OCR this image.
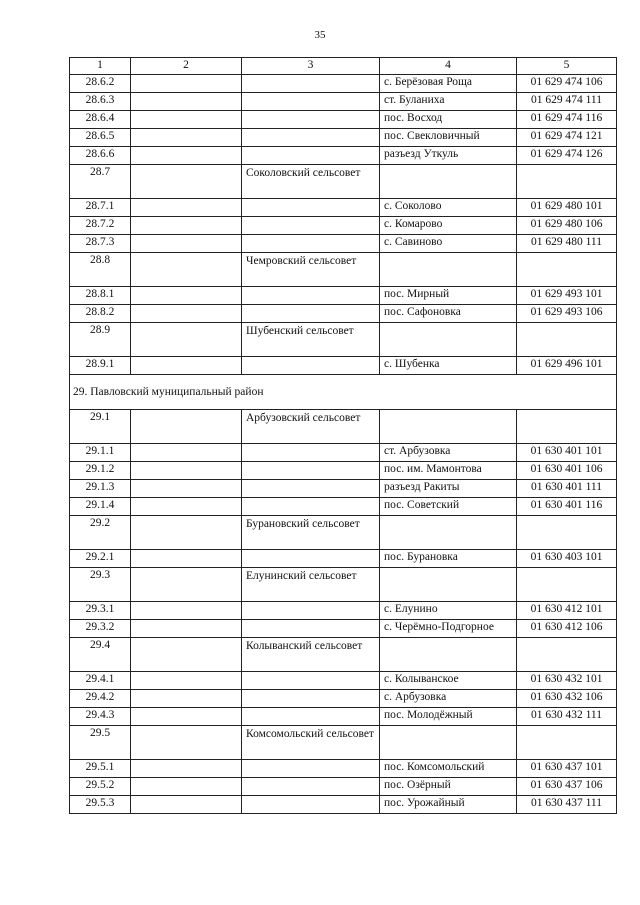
35
1	2	3	4	5
28.6.2			с. Берёзовая Роща	01 629 474 106
28.6.3			ст. Буланиха	01 629 474 111
28.6.4			пос. Восход	01 629 474 116
28.6.5			пос. Свекловичный	01 629 474 121
28.6.6			разъезд Уткуль	01 629 474 126
28.7		Соколовский сельсовет		
28.7.1			с. Соколово	01 629 480 101
28.7.2			с. Комарово	01 629 480 106
28.7.3			с. Савиново	01 629 480 111
28.8		Чемровский сельсовет		
28.8.1			пос. Мирный	01 629 493 101
28.8.2			пос. Сафоновка	01 629 493 106
28.9		Шубенский сельсовет		
28.9.1			с. Шубенка	01 629 496 101
29. Павловский муниципальный район				
29.1		Арбузовский сельсовет		
29.1.1			ст. Арбузовка	01 630 401 101
29.1.2			пос. им. Мамонтова	01 630 401 106
29.1.3			разъезд Ракиты	01 630 401 111
29.1.4			пос. Советский	01 630 401 116
29.2		Бурановский сельсовет		
29.2.1			пос. Бурановка	01 630 403 101
29.3		Елунинский сельсовет		
29.3.1			с. Елунино	01 630 412 101
29.3.2			с. Черёмно-Подгорное	01 630 412 106
29.4		Колыванский сельсовет		
29.4.1			с. Колыванское	01 630 432 101
29.4.2			с. Арбузовка	01 630 432 106
29.4.3			пос. Молодёжный	01 630 432 111
29.5		Комсомольский сельсовет		
29.5.1			пос. Комсомольский	01 630 437 101
29.5.2			пос. Озёрный	01 630 437 106
29.5.3			пос. Урожайный	01 630 437 111
